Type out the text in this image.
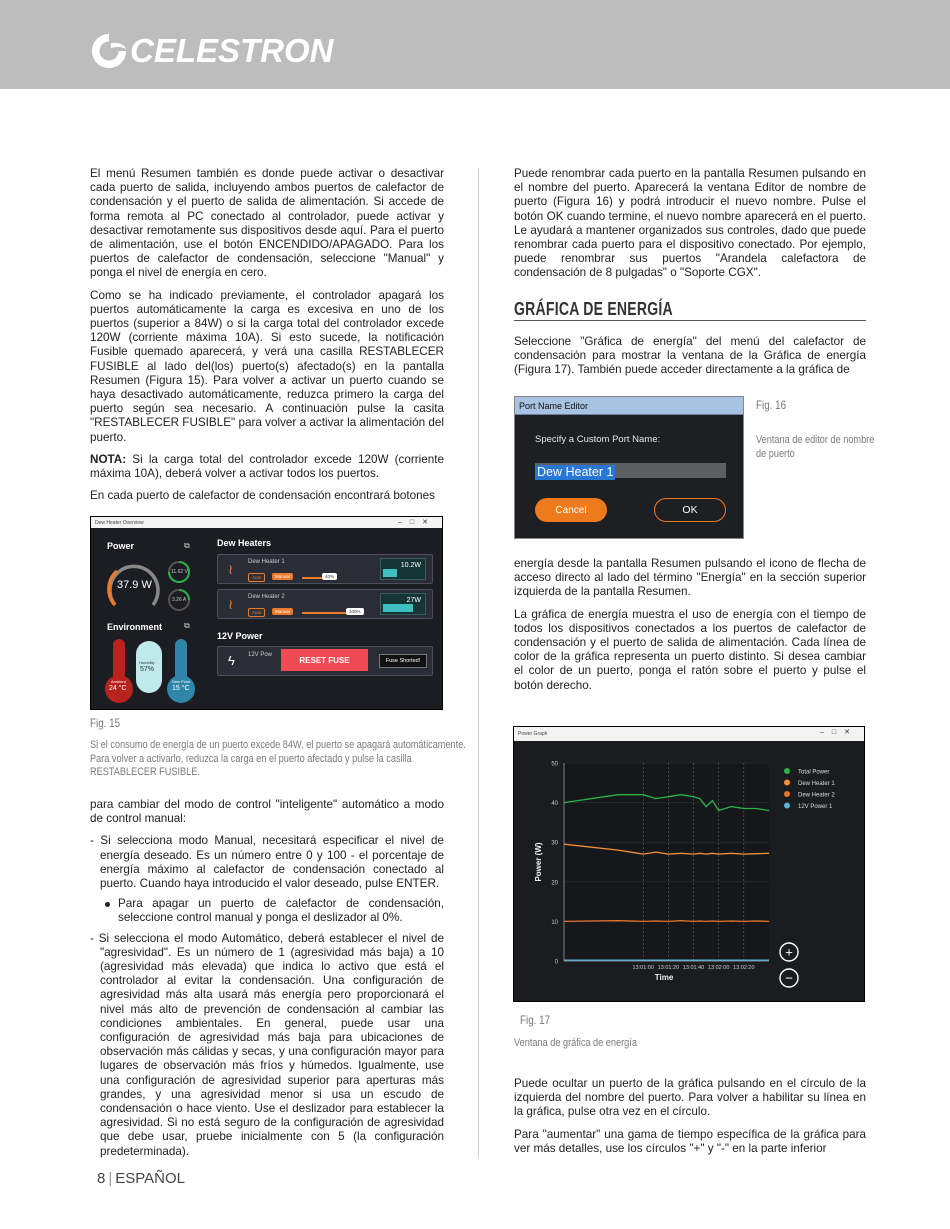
CELESTRON

El menú Resumen también es donde puede activar o desactivar cada puerto de salida, incluyendo ambos puertos de calefactor de condensación y el puerto de salida de alimentación. Si accede de forma remota al PC conectado al controlador, puede activar y desactivar remotamente sus dispositivos desde aquí. Para el puerto de alimentación, use el botón ENCENDIDO/APAGADO. Para los puertos de calefactor de condensación, seleccione "Manual" y ponga el nivel de energía en cero.

Como se ha indicado previamente, el controlador apagará los puertos automáticamente la carga es excesiva en uno de los puertos (superior a 84W) o si la carga total del controlador excede 120W (corriente máxima 10A). Si esto sucede, la notificación Fusible quemado aparecerá, y verá una casilla RESTABLECER FUSIBLE al lado del(los) puerto(s) afectado(s) en la pantalla Resumen (Figura 15). Para volver a activar un puerto cuando se haya desactivado automáticamente, reduzca primero la carga del puerto según sea necesario. A continuación pulse la casita "RESTABLECER FUSIBLE" para volver a activar la alimentación del puerto.

NOTA: Si la carga total del controlador excede 120W (corriente máxima 10A), deberá volver a activar todos los puertos.

En cada puerto de calefactor de condensación encontrará botones

Dew Heater Overview	–□✕
Power	⧉
37.9 W
11.62 V
3.26 A
Environment	⧉
Ambient
24 °C
Humidity
57%
Dew Point
15 °C
Dew Heaters
≀ Dew Heater 1
Auto	Manual	40%
10.2W
≀ Dew Heater 2
Auto	Manual	100%
27W
12V Power
ϟ 12V Pow
RESET FUSE	Fuse Shorted!
Fig. 15
Si el consumo de energía de un puerto excede 84W, el puerto se apagará automáticamente.
Para volver a activarlo, reduzca la carga en el puerto afectado y pulse la casilla
RESTABLECER FUSIBLE.

para cambiar del modo de control "inteligente" automático a modo de control manual:

- Si selecciona modo Manual, necesitará especificar el nivel de energía deseado. Es un número entre 0 y 100 - el porcentaje de energía máximo al calefactor de condensación conectado al puerto. Cuando haya introducido el valor deseado, pulse ENTER.
Para apagar un puerto de calefactor de condensación, seleccione control manual y ponga el deslizador al 0%.
- Si selecciona el modo Automático, deberá establecer el nivel de "agresividad". Es un número de 1 (agresividad más baja) a 10 (agresividad más elevada) que indica lo activo que está el controlador al evitar la condensación. Una configuración de agresividad más alta usará más energía pero proporcionará el nivel más alto de prevención de condensación al cambiar las condiciones ambientales. En general, puede usar una configuración de agresividad más baja para ubicaciones de observación más cálidas y secas, y una configuración mayor para lugares de observación más fríos y húmedos. Igualmente, use una configuración de agresividad superior para aperturas más grandes, y una agresividad menor si usa un escudo de condensación o hace viento. Use el deslizador para establecer la agresividad. Si no está seguro de la configuración de agresividad que debe usar, pruebe inicialmente con 5 (la configuración predeterminada).

Puede renombrar cada puerto en la pantalla Resumen pulsando en el nombre del puerto. Aparecerá la ventana Editor de nombre de puerto (Figura 16) y podrá introducir el nuevo nombre. Pulse el botón OK cuando termine, el nuevo nombre aparecerá en el puerto. Le ayudará a mantener organizados sus controles, dado que puede renombrar cada puerto para el dispositivo conectado. Por ejemplo, puede renombrar sus puertos "Arandela calefactora de condensación de 8 pulgadas" o "Soporte CGX".

GRÁFICA DE ENERGÍA

Seleccione "Gráfica de energía" del menú del calefactor de condensación para mostrar la ventana de la Gráfica de energía (Figura 17). También puede acceder directamente a la gráfica de

Port Name Editor
Specify a Custom Port Name:
Dew Heater 1
Cancel	OK
Fig. 16
Ventana de editor de nombre
de puerto

energía desde la pantalla Resumen pulsando el icono de flecha de acceso directo al lado del término "Energía" en la sección superior izquierda de la pantalla Resumen.

La gráfica de energía muestra el uso de energía con el tiempo de todos los dispositivos conectados a los puertos de calefactor de condensación y el puerto de salida de alimentación. Cada línea de color de la gráfica representa un puerto distinto. Si desea cambiar el color de un puerto, ponga el ratón sobre el puerto y pulse el botón derecho.

Power Graph	–□✕
0
10
20
30
40
50
13:01:00 13:01:20 13:01:40 13:02:00 13:02:20
Time
Power (W)
Total Power
Dew Heater 1
Dew Heater 2
12V Power 1
+
−
Fig. 17
Ventana de gráfica de energía

Puede ocultar un puerto de la gráfica pulsando en el círculo de la izquierda del nombre del puerto. Para volver a habilitar su línea en la gráfica, pulse otra vez en el círculo.

Para "aumentar" una gama de tiempo específica de la gráfica para ver más detalles, use los círculos "+" y "-" en la parte inferior

8 | ESPAÑOL
